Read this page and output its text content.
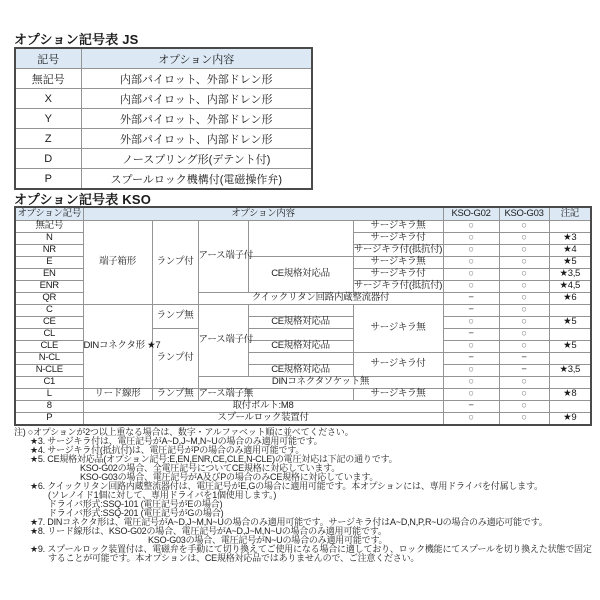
オプション記号表 JS
オプション記号表 KSO
記号	オプション内容
無記号	内部パイロット、外部ドレン形
X	内部パイロット、内部ドレン形
Y	外部パイロット、外部ドレン形
Z	外部パイロット、内部ドレン形
D	ノースプリング形(デテント付)
P	スプールロック機構付(電磁操作弁)
オプション記号	オプション内容					KSO-G02	KSO-G03	注記
無記号	端子箱形	ランプ付	アース端子付		サージキラ無	○	○	
N					サージキラ付	○	○	★3
NR					サージキラ付(抵抗付)	○	○	★4
E				CE規格対応品	サージキラ無	○	○	★5
EN					サージキラ付	○	○	★3,5
ENR					サージキラ付(抵抗付)	○	○	★4,5
QR			クイックリタン回路内蔵整流器付			−	○	★6
C	DINコネクタ形 ★7	ランプ無	アース端子付		サージキラ無	−	○	
CE				CE規格対応品		○	○	★5
CL		ランプ付				−	○	
CLE				CE規格対応品		○	○	★5
N-CL					サージキラ付	−	−	
N-CLE				CE規格対応品		○	−	★3,5
C1			DINコネクタソケット無			○	○	
L	リード線形	ランプ無	アース端子無		サージキラ無	○	○	★8
8	取付ボルト:M8					−	○	
P	スプールロック装置付					○	○	★9
注) ○オプションが2つ以上重なる場合は、数字・アルファベット順に並べてください。
★3. サージキラ付は、電圧記号がA~D,J~M,N~Uの場合のみ適用可能です。
★4. サージキラ付(抵抗付)は、電圧記号がPの場合のみ適用可能です。
★5. CE規格対応品(オプション記号:E,EN,ENR,CE,CLE,N-CLE)の電圧対応は下記の通りです。
KSO-G02の場合、全電圧記号についてCE規格に対応しています。
KSO-G03の場合、電圧記号がA及びPの場合のみCE規格に対応しています。
★6. クイックリタン回路内蔵整流器付は、電圧記号がE,Gの場合に適用可能です。本オプションには、専用ドライバを付属します。
(ソレノイド1個に対して、専用ドライバを1個使用します。)
ドライバ形式:SSQ-101 (電圧記号がEの場合)
ドライバ形式:SSQ-201 (電圧記号がGの場合)
★7. DINコネクタ形は、電圧記号がA~D,J~M,N~Uの場合のみ適用可能です。サージキラ付はA~D,N,P,R~Uの場合のみ適応可能です。
★8. リード線形は、KSO-G02の場合、電圧記号がA~D,J~M,N~Uの場合のみ適用可能です。
KSO-G03の場合、電圧記号がN~Uの場合のみ適用可能です。
★9. スプールロック装置付は、電磁弁を手動にて切り換えてご使用になる場合に適しており、ロック機能にてスプールを切り換えた状態で固定
することが可能です。本オプションは、CE規格対応品ではありませんので、ご注意ください。
